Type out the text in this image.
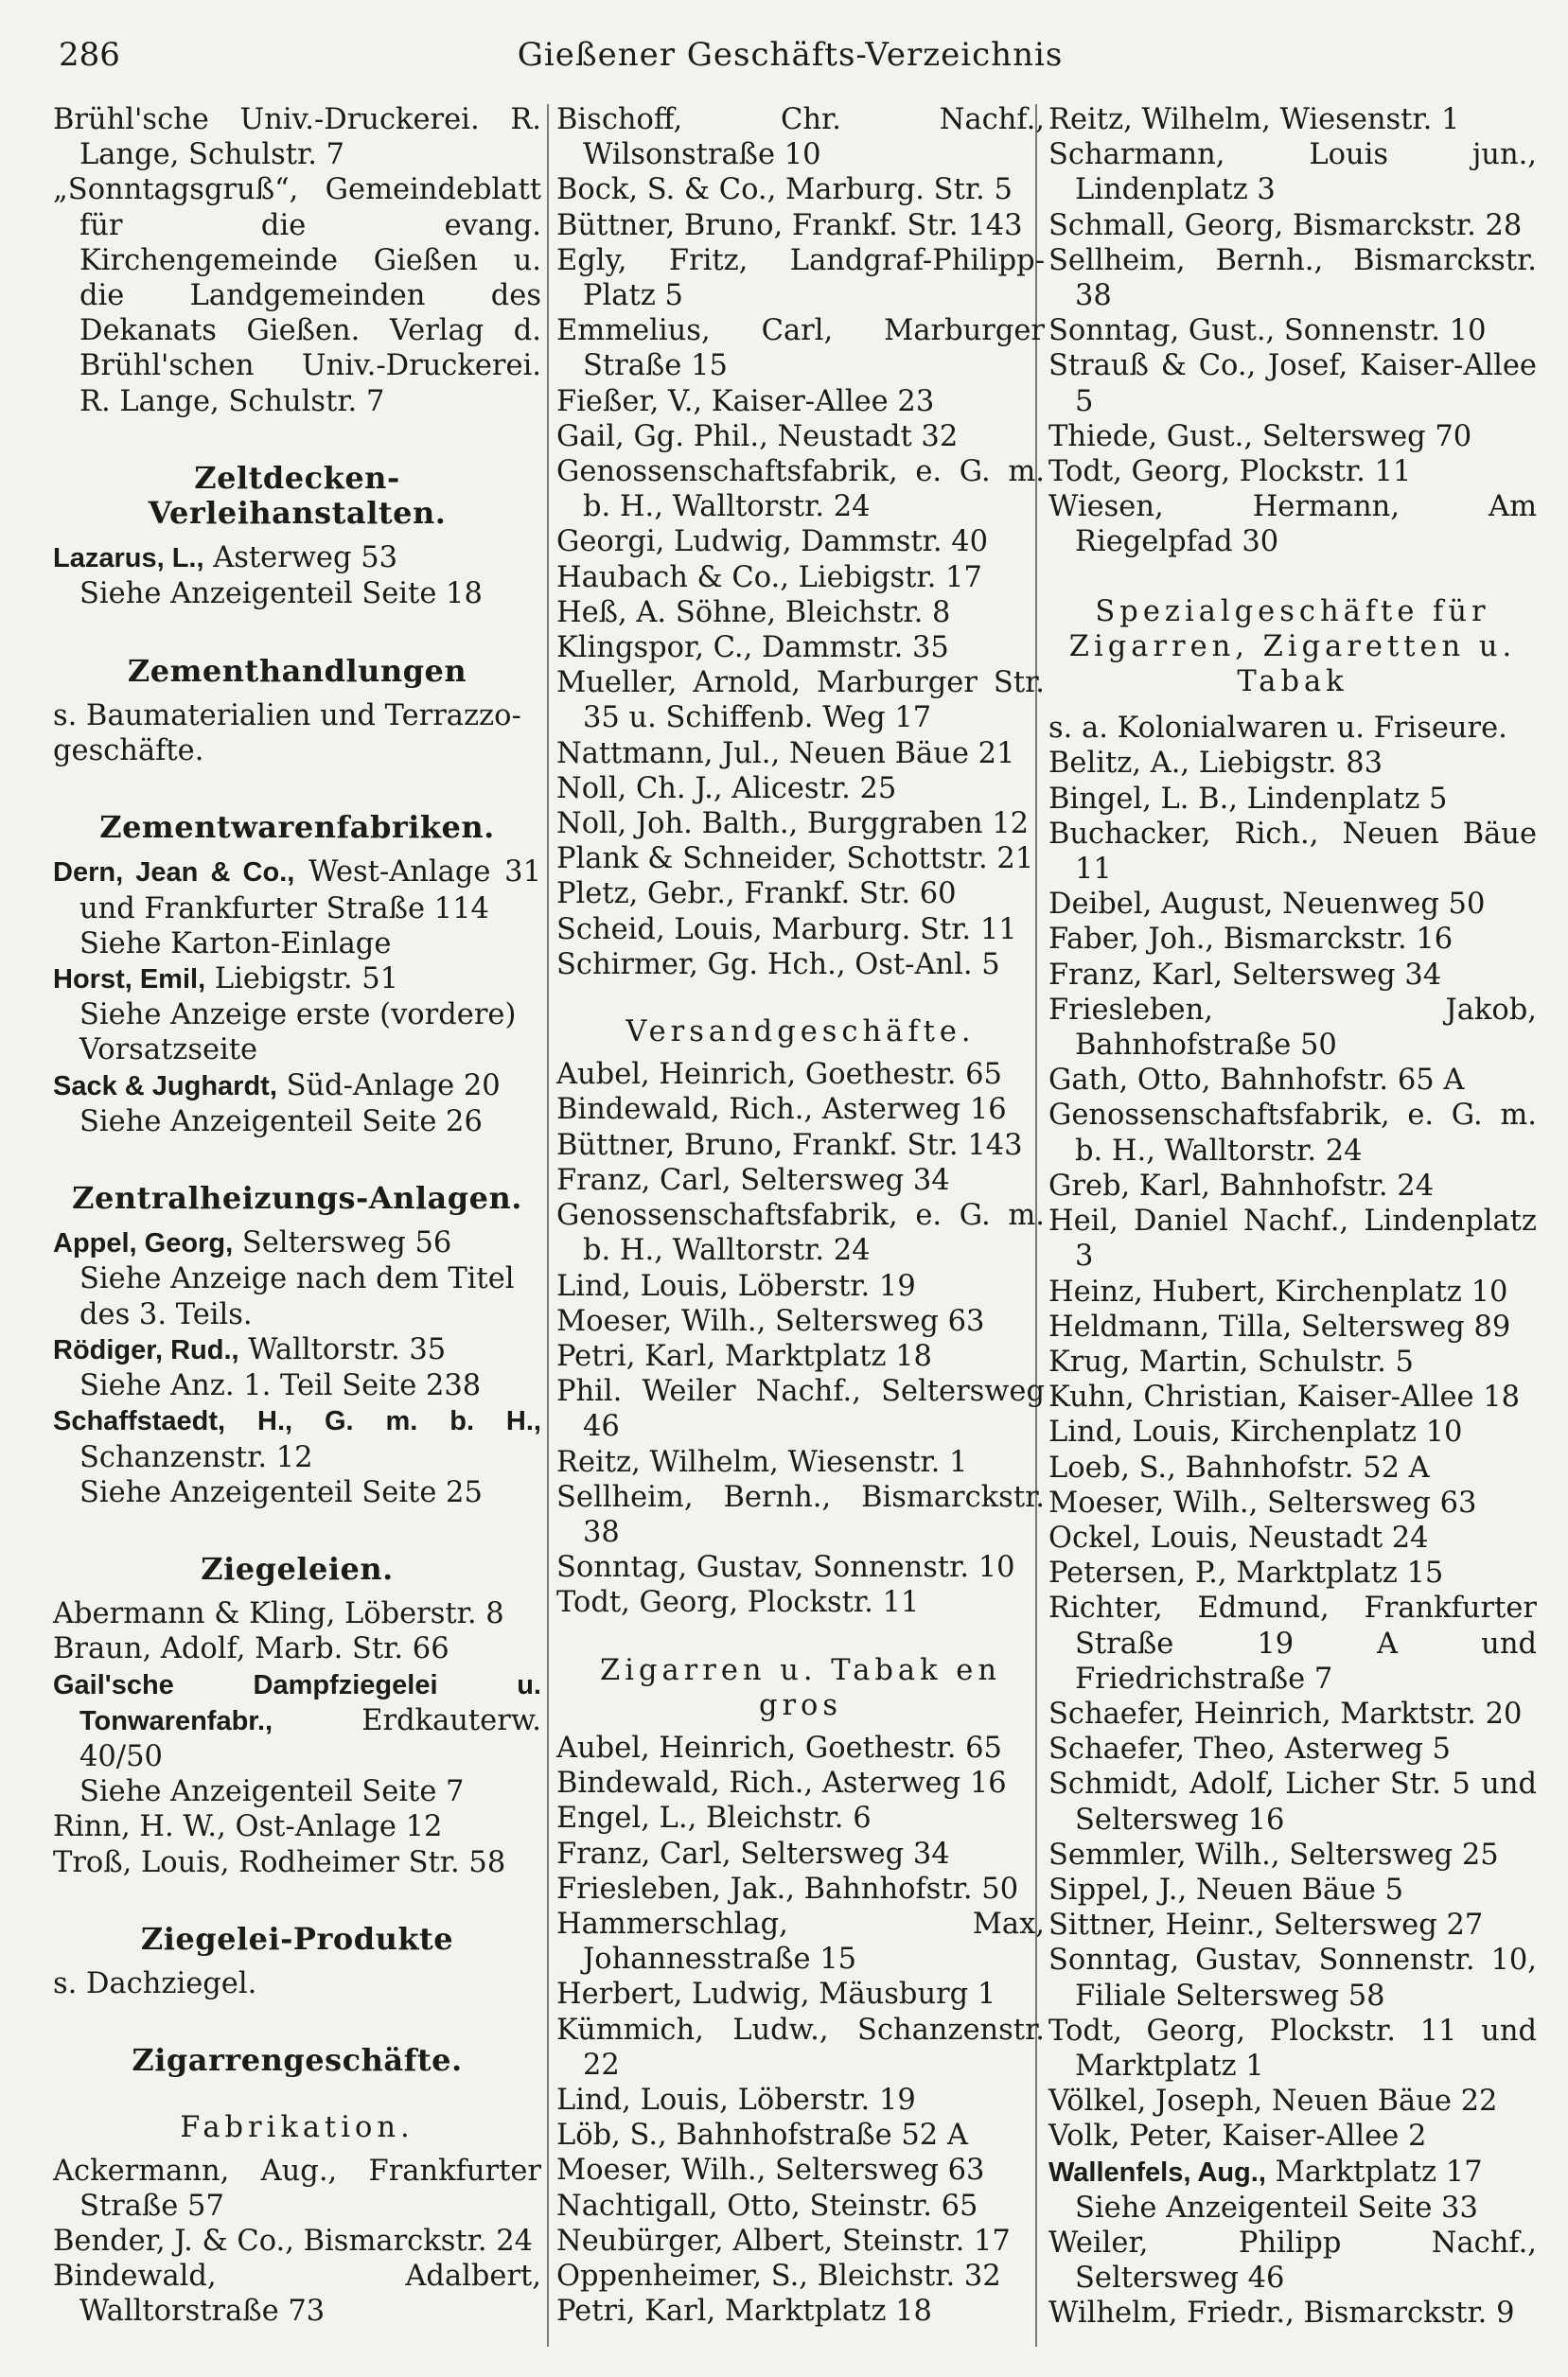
286	Gießener Geschäfts-Verzeichnis
Brühl'sche Univ.-Druckerei. R. Lange, Schulstr. 7
„Sonntagsgruß“, Gemeindeblatt für die evang. Kirchengemeinde Gießen u. die Landgemeinden des Dekanats Gießen. Verlag d. Brühl'schen Univ.-Druckerei. R. Lange, Schulstr. 7
Zeltdecken-Verleihanstalten.
Lazarus, L., Asterweg 53
Siehe Anzeigenteil Seite 18
Zementhandlungen
s. Baumaterialien und Terrazzo-geschäfte.
Zementwarenfabriken.
Dern, Jean & Co., West-Anlage 31 und Frankfurter Straße 114
Siehe Karton-Einlage
Horst, Emil, Liebigstr. 51
Siehe Anzeige erste (vordere) Vorsatzseite
Sack & Jughardt, Süd-Anlage 20
Siehe Anzeigenteil Seite 26
Zentralheizungs-Anlagen.
Appel, Georg, Seltersweg 56
Siehe Anzeige nach dem Titel des 3. Teils.
Rödiger, Rud., Walltorstr. 35
Siehe Anz. 1. Teil Seite 238
Schaffstaedt, H., G. m. b. H., Schanzenstr. 12
Siehe Anzeigenteil Seite 25
Ziegeleien.
Abermann & Kling, Löberstr. 8
Braun, Adolf, Marb. Str. 66
Gail'sche Dampfziegelei u. Tonwarenfabr.,	Erdkauterw. 40/50
Siehe Anzeigenteil Seite 7
Rinn, H. W., Ost-Anlage 12
Troß, Louis, Rodheimer Str. 58
Ziegelei-Produkte
s. Dachziegel.
Zigarrengeschäfte.
Fabrikation.
Ackermann, Aug., Frankfurter Straße 57
Bender, J. & Co., Bismarckstr. 24
Bindewald, Adalbert, Walltorstraße 73
Bischoff, Chr. Nachf., Wilsonstraße 10
Bock, S. & Co., Marburg. Str. 5
Büttner, Bruno, Frankf. Str. 143
Egly, Fritz, Landgraf-Philipp-Platz 5
Emmelius, Carl, Marburger Straße 15
Fießer, V., Kaiser-Allee 23
Gail, Gg. Phil., Neustadt 32
Genossenschaftsfabrik, e. G. m. b. H., Walltorstr. 24
Georgi, Ludwig, Dammstr. 40
Haubach & Co., Liebigstr. 17
Heß, A. Söhne, Bleichstr. 8
Klingspor, C., Dammstr. 35
Mueller, Arnold, Marburger Str. 35 u. Schiffenb. Weg 17
Nattmann, Jul., Neuen Bäue 21
Noll, Ch. J., Alicestr. 25
Noll, Joh. Balth., Burggraben 12
Plank & Schneider, Schottstr. 21
Pletz, Gebr., Frankf. Str. 60
Scheid, Louis, Marburg. Str. 11
Schirmer, Gg. Hch., Ost-Anl. 5
Versandgeschäfte.
Aubel, Heinrich, Goethestr. 65
Bindewald, Rich., Asterweg 16
Büttner, Bruno, Frankf. Str. 143
Franz, Carl, Seltersweg 34
Genossenschaftsfabrik, e. G. m. b. H., Walltorstr. 24
Lind, Louis, Löberstr. 19
Moeser, Wilh., Seltersweg 63
Petri, Karl, Marktplatz 18
Phil. Weiler Nachf., Seltersweg 46
Reitz, Wilhelm, Wiesenstr. 1
Sellheim, Bernh., Bismarckstr. 38
Sonntag, Gustav, Sonnenstr. 10
Todt, Georg, Plockstr. 11
Zigarren u. Tabak en gros
Aubel, Heinrich, Goethestr. 65
Bindewald, Rich., Asterweg 16
Engel, L., Bleichstr. 6
Franz, Carl, Seltersweg 34
Friesleben, Jak., Bahnhofstr. 50
Hammerschlag, Max, Johannesstraße 15
Herbert, Ludwig, Mäusburg 1
Kümmich, Ludw., Schanzenstr. 22
Lind, Louis, Löberstr. 19
Löb, S., Bahnhofstraße 52 A
Moeser, Wilh., Seltersweg 63
Nachtigall, Otto, Steinstr. 65
Neubürger, Albert, Steinstr. 17
Oppenheimer, S., Bleichstr. 32
Petri, Karl, Marktplatz 18
Reitz, Wilhelm, Wiesenstr. 1
Scharmann, Louis jun., Lindenplatz 3
Schmall, Georg, Bismarckstr. 28
Sellheim, Bernh., Bismarckstr. 38
Sonntag, Gust., Sonnenstr. 10
Strauß & Co., Josef, Kaiser-Allee 5
Thiede, Gust., Seltersweg 70
Todt, Georg, Plockstr. 11
Wiesen, Hermann, Am Riegelpfad 30
Spezialgeschäfte für Zigarren, Zigaretten u. Tabak
s. a. Kolonialwaren u. Friseure.
Belitz, A., Liebigstr. 83
Bingel, L. B., Lindenplatz 5
Buchacker, Rich., Neuen Bäue 11
Deibel, August, Neuenweg 50
Faber, Joh., Bismarckstr. 16
Franz, Karl, Seltersweg 34
Friesleben, Jakob, Bahnhofstraße 50
Gath, Otto, Bahnhofstr. 65 A
Genossenschaftsfabrik, e. G. m. b. H., Walltorstr. 24
Greb, Karl, Bahnhofstr. 24
Heil, Daniel Nachf., Lindenplatz 3
Heinz, Hubert, Kirchenplatz 10
Heldmann, Tilla, Seltersweg 89
Krug, Martin, Schulstr. 5
Kuhn, Christian, Kaiser-Allee 18
Lind, Louis, Kirchenplatz 10
Loeb, S., Bahnhofstr. 52 A
Moeser, Wilh., Seltersweg 63
Ockel, Louis, Neustadt 24
Petersen, P., Marktplatz 15
Richter, Edmund, Frankfurter Straße 19 A und Friedrichstraße 7
Schaefer, Heinrich, Marktstr. 20
Schaefer, Theo, Asterweg 5
Schmidt, Adolf, Licher Str. 5 und Seltersweg 16
Semmler, Wilh., Seltersweg 25
Sippel, J., Neuen Bäue 5
Sittner, Heinr., Seltersweg 27
Sonntag, Gustav, Sonnenstr. 10, Filiale Seltersweg 58
Todt, Georg, Plockstr. 11 und Marktplatz 1
Völkel, Joseph, Neuen Bäue 22
Volk, Peter, Kaiser-Allee 2
Wallenfels, Aug., Marktplatz 17
Siehe Anzeigenteil Seite 33
Weiler, Philipp Nachf., Seltersweg 46
Wilhelm, Friedr., Bismarckstr. 9
